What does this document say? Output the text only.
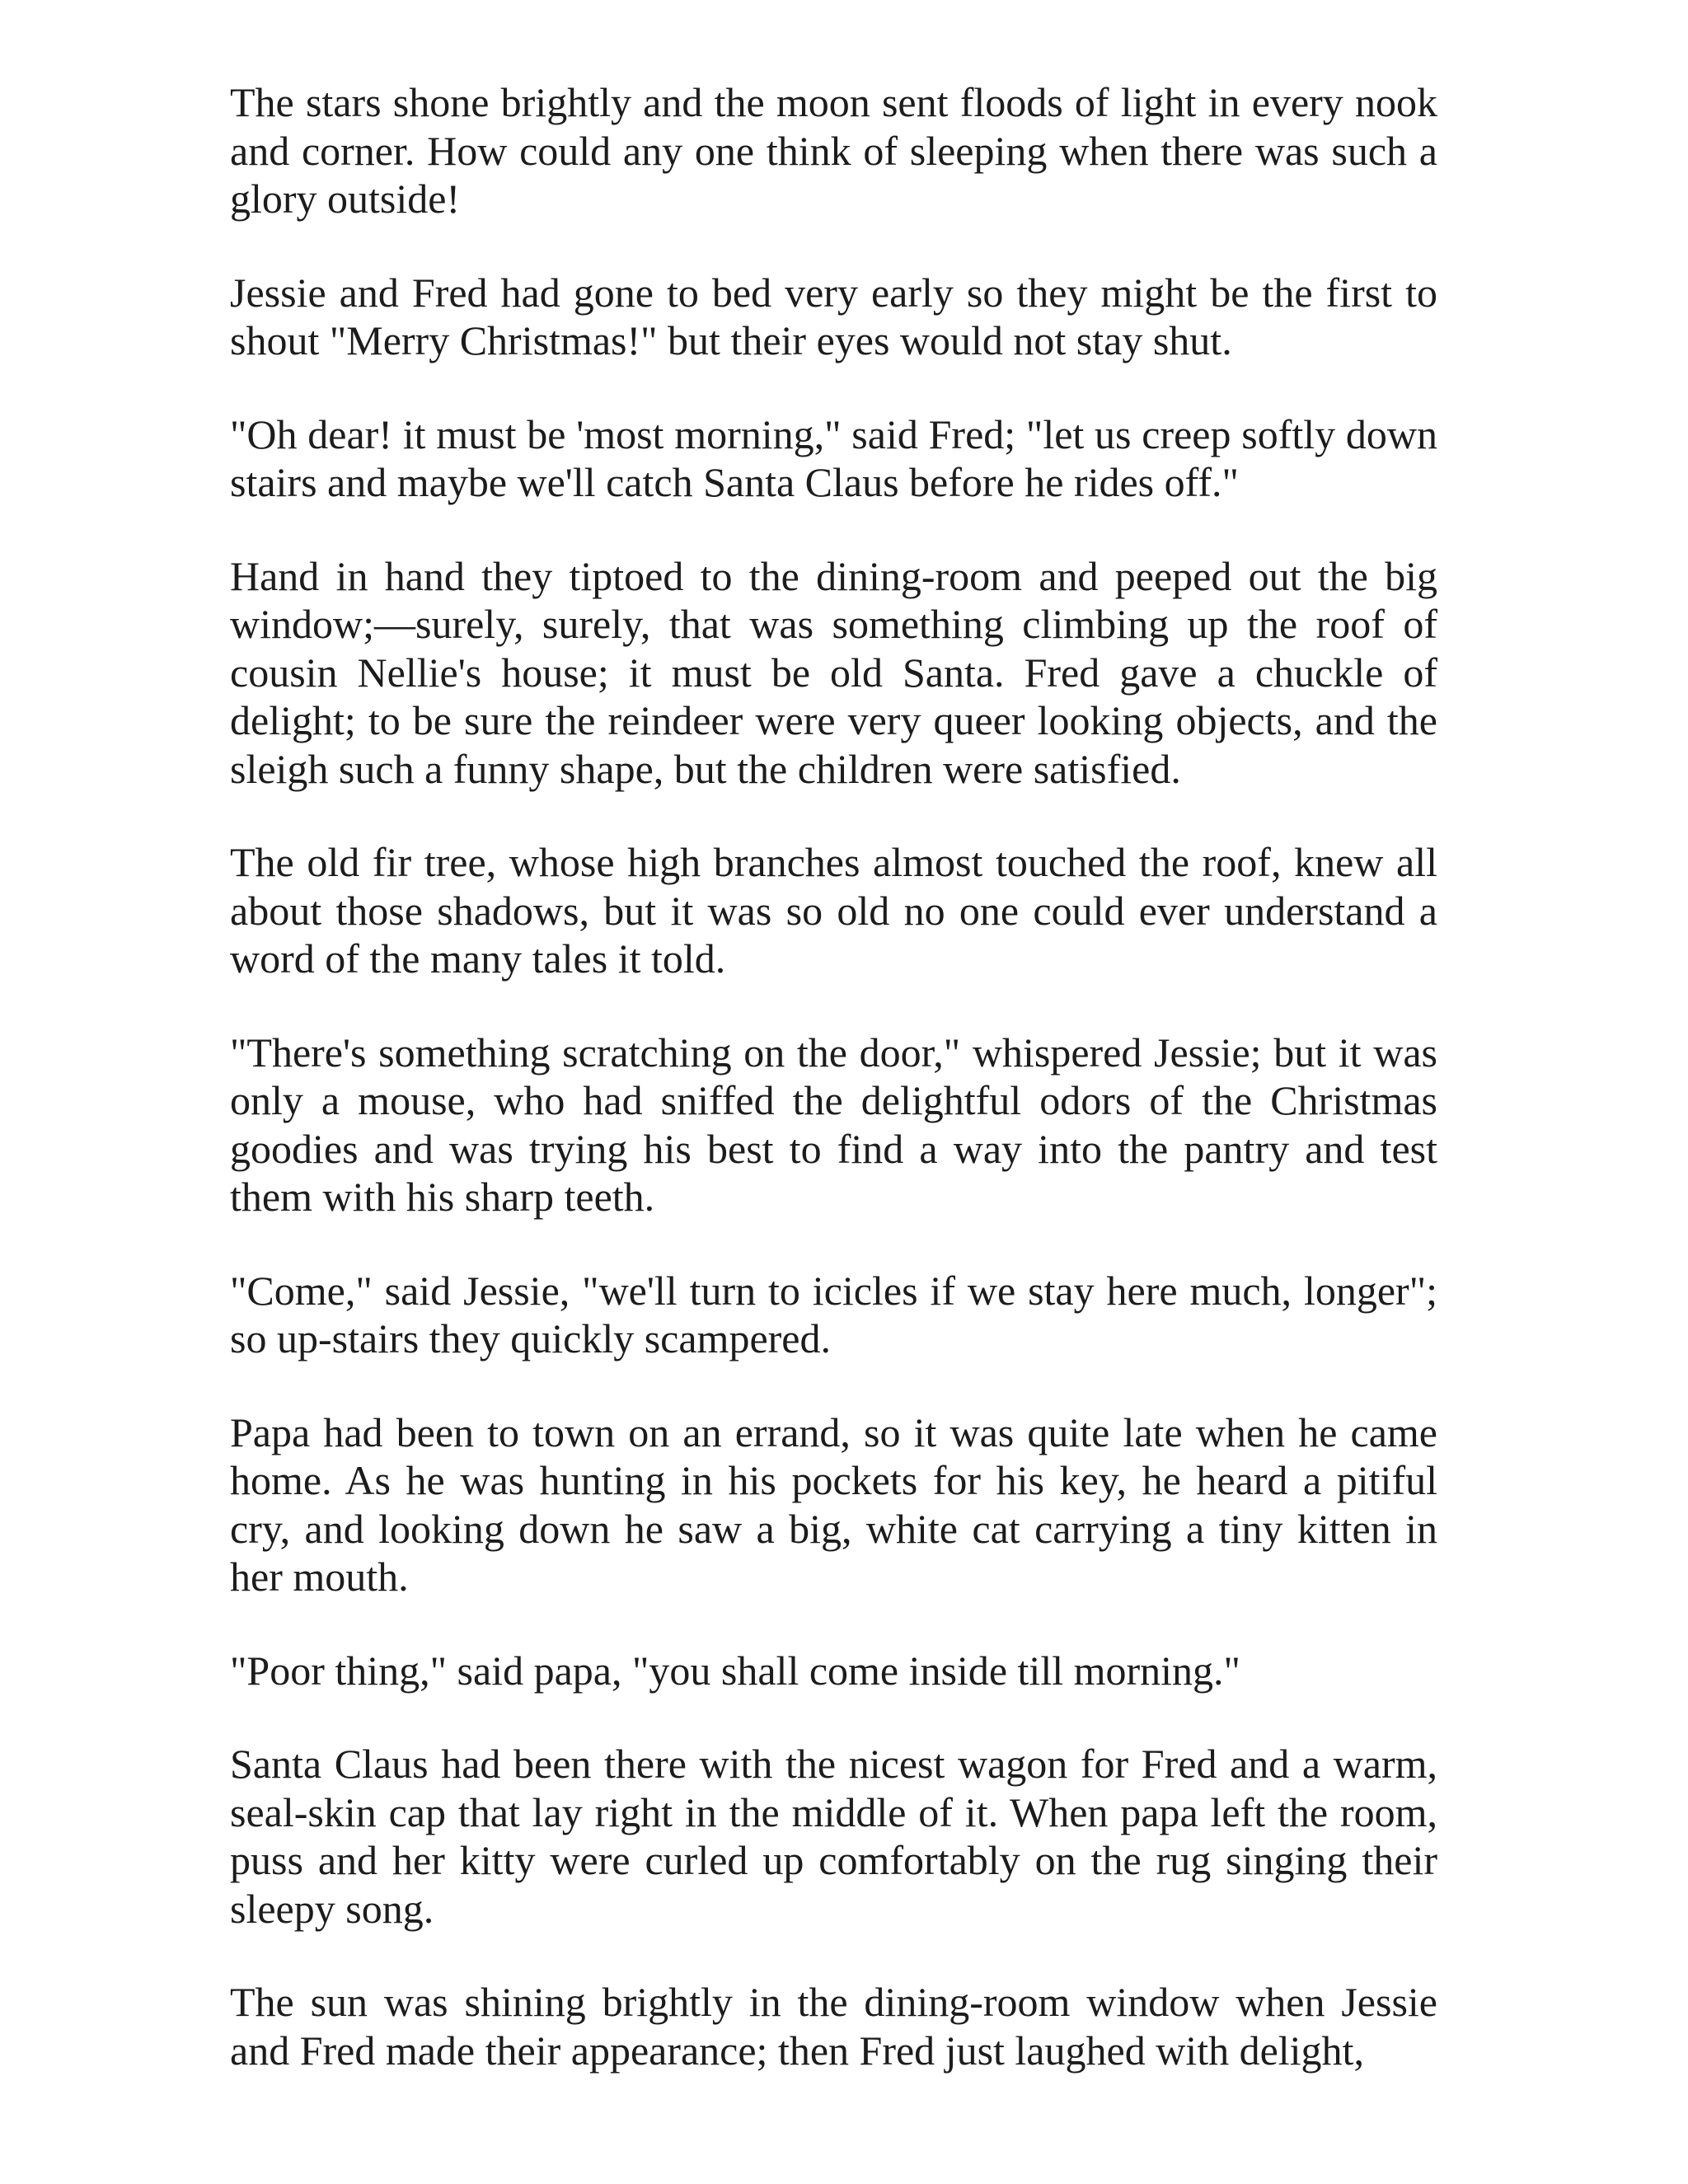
The stars shone brightly and the moon sent floods of light in every nook and corner. How could any one think of sleeping when there was such a glory outside!

Jessie and Fred had gone to bed very early so they might be the first to shout "Merry Christmas!" but their eyes would not stay shut.

"Oh dear! it must be 'most morning," said Fred; "let us creep softly down stairs and maybe we'll catch Santa Claus before he rides off."

Hand in hand they tiptoed to the dining-room and peeped out the big window;—surely, surely, that was something climbing up the roof of cousin Nellie's house; it must be old Santa. Fred gave a chuckle of delight; to be sure the reindeer were very queer looking objects, and the sleigh such a funny shape, but the children were satisfied.

The old fir tree, whose high branches almost touched the roof, knew all about those shadows, but it was so old no one could ever understand a word of the many tales it told.

"There's something scratching on the door," whispered Jessie; but it was only a mouse, who had sniffed the delightful odors of the Christmas goodies and was trying his best to find a way into the pantry and test them with his sharp teeth.

"Come," said Jessie, "we'll turn to icicles if we stay here much, longer"; so up-stairs they quickly scampered.

Papa had been to town on an errand, so it was quite late when he came home. As he was hunting in his pockets for his key, he heard a pitiful cry, and looking down he saw a big, white cat carrying a tiny kitten in her mouth.

"Poor thing," said papa, "you shall come inside till morning."

Santa Claus had been there with the nicest wagon for Fred and a warm, seal-skin cap that lay right in the middle of it. When papa left the room, puss and her kitty were curled up comfortably on the rug singing their sleepy song.

The sun was shining brightly in the dining-room window when Jessie and Fred made their appearance; then Fred just laughed with delight,
